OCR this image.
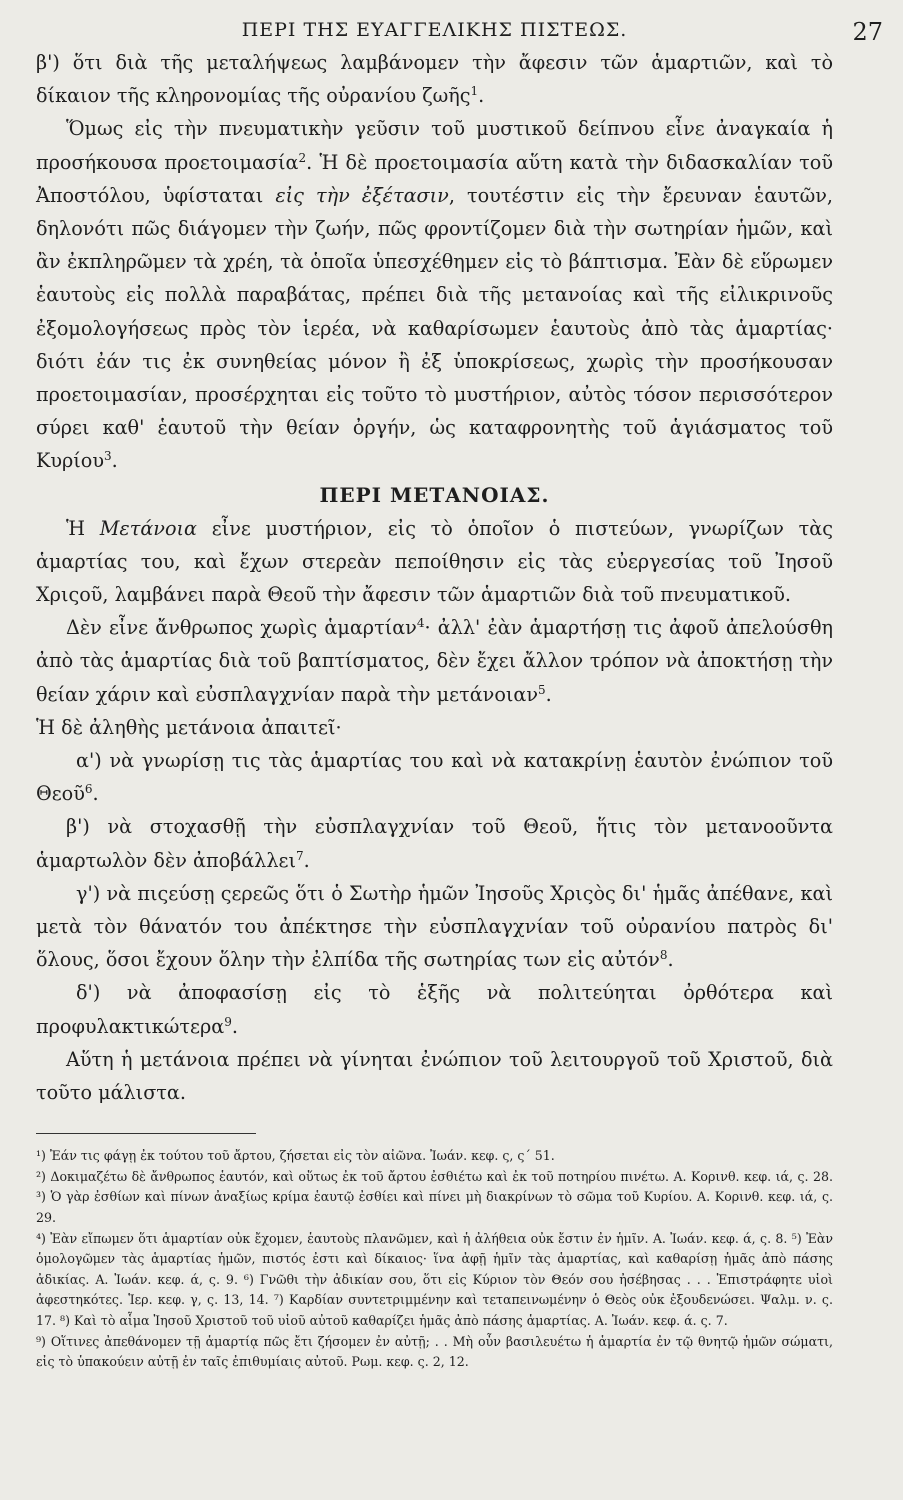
ΠΕΡΙ ΤΗΣ ΕΥΑΓΓΕΛΙΚΗΣ ΠΙΣΤΕΩΣ.	27

β') ὅτι διὰ τῆς μεταλήψεως λαμβάνομεν τὴν ἄφεσιν τῶν ἁμαρτιῶν, καὶ τὸ δίκαιον τῆς κληρονομίας τῆς οὐρανίου ζωῆς$^1$.

Ὅμως εἰς τὴν πνευματικὴν γεῦσιν τοῦ μυστικοῦ δείπνου εἶνε ἀναγκαία ἡ προσήκουσα προετοιμασία$^2$. Ἡ δὲ προετοιμασία αὕτη κατὰ τὴν διδασκαλίαν τοῦ Ἀποστόλου, ὑφίσταται εἰς τὴν ἐξέτασιν, τουτέστιν εἰς τὴν ἔρευναν ἑαυτῶν, δηλονότι πῶς διάγομεν τὴν ζωήν, πῶς φροντίζομεν διὰ τὴν σωτηρίαν ἡμῶν, καὶ ἂν ἐκπληρῶμεν τὰ χρέη, τὰ ὁποῖα ὑπεσχέθημεν εἰς τὸ βάπτισμα. Ἐὰν δὲ εὕρωμεν ἑαυτοὺς εἰς πολλὰ παραβάτας, πρέπει διὰ τῆς μετανοίας καὶ τῆς εἰλικρινοῦς ἐξομολογήσεως πρὸς τὸν ἱερέα, νὰ καθαρίσωμεν ἑαυτοὺς ἀπὸ τὰς ἁμαρτίας· διότι ἐάν τις ἐκ συνηθείας μόνον ἢ ἐξ ὑποκρίσεως, χωρὶς τὴν προσήκουσαν προετοιμασίαν, προσέρχηται εἰς τοῦτο τὸ μυστήριον, αὐτὸς τόσον περισσότερον σύρει καθ' ἑαυτοῦ τὴν θείαν ὀργήν, ὡς καταφρονητὴς τοῦ ἁγιάσματος τοῦ Κυρίου$^3$.

ΠΕΡΙ ΜΕΤΑΝΟΙΑΣ.

Ἡ Μετάνοια εἶνε μυστήριον, εἰς τὸ ὁποῖον ὁ πιστεύων, γνωρίζων τὰς ἁμαρτίας του, καὶ ἔχων στερεὰν πεποίθησιν εἰς τὰς εὐεργεσίας τοῦ Ἰησοῦ Χριςοῦ, λαμβάνει παρὰ Θεοῦ τὴν ἄφεσιν τῶν ἁμαρτιῶν διὰ τοῦ πνευματικοῦ.

Δὲν εἶνε ἄνθρωπος χωρὶς ἁμαρτίαν$^4$· ἀλλ' ἐὰν ἁμαρτήσῃ τις ἀφοῦ ἀπελούσθη ἀπὸ τὰς ἁμαρτίας διὰ τοῦ βαπτίσματος, δὲν ἔχει ἄλλον τρόπον νὰ ἀποκτήσῃ τὴν θείαν χάριν καὶ εὐσπλαγχνίαν παρὰ τὴν μετάνοιαν$^5$.

Ἡ δὲ ἀληθὴς μετάνοια ἀπαιτεῖ·

α') νὰ γνωρίσῃ τις τὰς ἁμαρτίας του καὶ νὰ κατακρίνῃ ἑαυτὸν ἐνώπιον τοῦ Θεοῦ$^6$.

β') νὰ στοχασθῇ τὴν εὐσπλαγχνίαν τοῦ Θεοῦ, ἥτις τὸν μετανοοῦντα ἁμαρτωλὸν δὲν ἀποβάλλει$^7$.

γ') νὰ πιςεύσῃ ςερεῶς ὅτι ὁ Σωτὴρ ἡμῶν Ἰησοῦς Χριςὸς δι' ἡμᾶς ἀπέθανε, καὶ μετὰ τὸν θάνατόν του ἀπέκτησε τὴν εὐσπλαγχνίαν τοῦ οὐρανίου πατρὸς δι' ὅλους, ὅσοι ἔχουν ὅλην τὴν ἐλπίδα τῆς σωτηρίας των εἰς αὐτόν$^8$.

δ') νὰ ἀποφασίσῃ εἰς τὸ ἑξῆς νὰ πολιτεύηται ὀρθότερα καὶ προφυλακτικώτερα$^9$.

Αὕτη ἡ μετάνοια πρέπει νὰ γίνηται ἐνώπιον τοῦ λειτουργοῦ τοῦ Χριστοῦ, διὰ τοῦτο μάλιστα.

¹) Ἐάν τις φάγῃ ἐκ τούτου τοῦ ἄρτου, ζήσεται εἰς τὸν αἰῶνα. Ἰωάν. κεφ. ς, ς΄ 51.

²) Δοκιμαζέτω δὲ ἄνθρωπος ἑαυτόν, καὶ οὕτως ἐκ τοῦ ἄρτου ἐσθιέτω καὶ ἐκ τοῦ ποτηρίου πινέτω. Α. Κορινθ. κεφ. ιά, ς. 28. ³) Ὁ γὰρ ἐσθίων καὶ πίνων ἀναξίως κρίμα ἑαυτῷ ἐσθίει καὶ πίνει μὴ διακρίνων τὸ σῶμα τοῦ Κυρίου. Α. Κορινθ. κεφ. ιά, ς. 29.

⁴) Ἐὰν εἴπωμεν ὅτι ἁμαρτίαν οὐκ ἔχομεν, ἑαυτοὺς πλανῶμεν, καὶ ἡ ἀλήθεια οὐκ ἔστιν ἐν ἡμῖν. Α. Ἰωάν. κεφ. ά, ς. 8. ⁵) Ἐὰν ὁμολογῶμεν τὰς ἁμαρτίας ἡμῶν, πιστός ἐστι καὶ δίκαιος· ἵνα ἀφῇ ἡμῖν τὰς ἁμαρτίας, καὶ καθαρίσῃ ἡμᾶς ἀπὸ πάσης ἀδικίας. Α. Ἰωάν. κεφ. ά, ς. 9. ⁶) Γνῶθι τὴν ἀδικίαν σου, ὅτι εἰς Κύριον τὸν Θεόν σου ἠσέβησας . . . Ἐπιστράφητε υἱοὶ ἀφεστηκότες. Ἱερ. κεφ. γ, ς. 13, 14. ⁷) Καρδίαν συντετριμμένην καὶ τεταπεινωμένην ὁ Θεὸς οὐκ ἐξουδενώσει. Ψαλμ. ν. ς. 17. ⁸) Καὶ τὸ αἷμα Ἰησοῦ Χριστοῦ τοῦ υἱοῦ αὐτοῦ καθαρίζει ἡμᾶς ἀπὸ πάσης ἁμαρτίας. Α. Ἰωάν. κεφ. ά. ς. 7.

⁹) Οἵτινες ἀπεθάνομεν τῇ ἁμαρτίᾳ πῶς ἔτι ζήσομεν ἐν αὐτῇ; . . Μὴ οὖν βασιλευέτω ἡ ἁμαρτία ἐν τῷ θνητῷ ἡμῶν σώματι, εἰς τὸ ὑπακούειν αὐτῇ ἐν ταῖς ἐπιθυμίαις αὐτοῦ. Ρωμ. κεφ. ς. 2, 12.
